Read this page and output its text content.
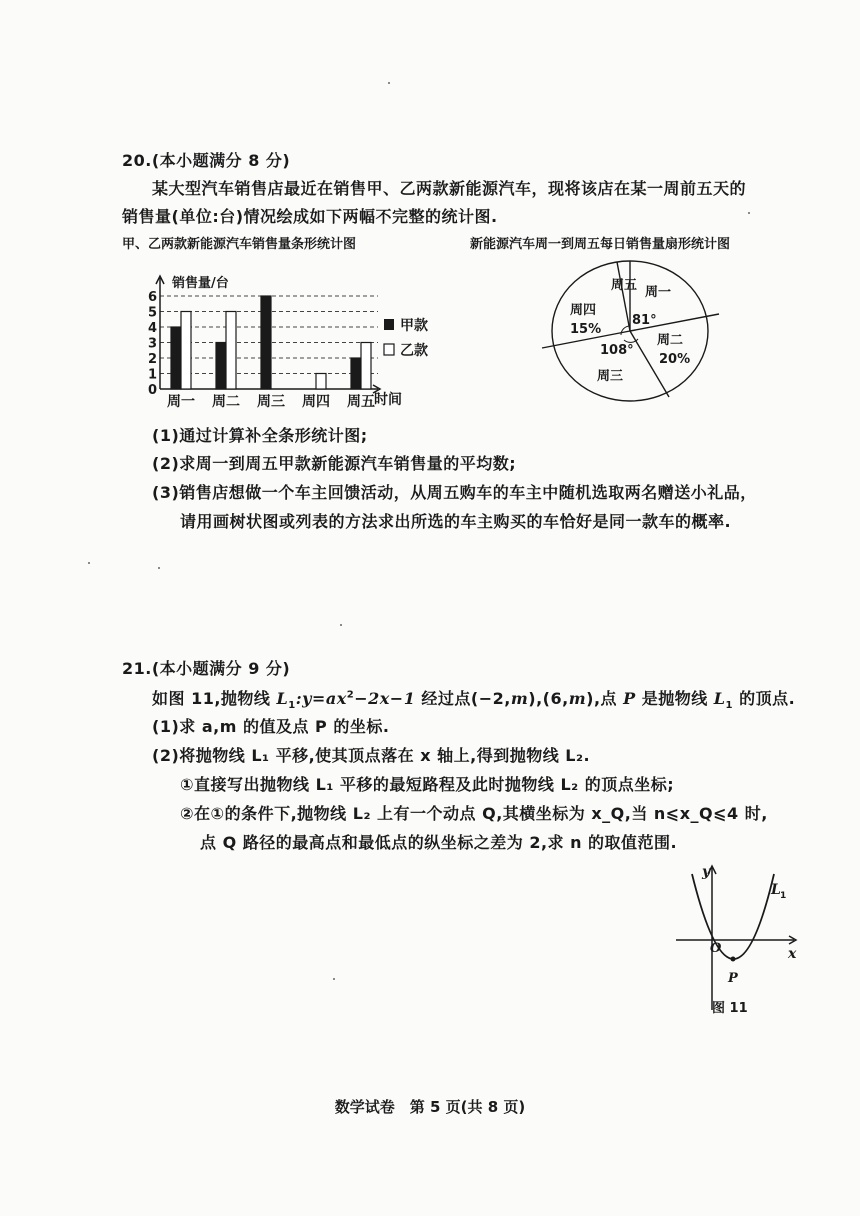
20.(本小题满分 8 分)
某大型汽车销售店最近在销售甲、乙两款新能源汽车，现将该店在某一周前五天的
销售量(单位:台)情况绘成如下两幅不完整的统计图.
甲、乙两款新能源汽车销售量条形统计图	新能源汽车周一到周五每日销售量扇形统计图
0
1
2
3
4
5
6
周一 周二 周三 周四 周五
销售量/台
时间
甲款
乙款
周五 周一
81°
周四
15%
108°
周三
周二
20%
(1)通过计算补全条形统计图;
(2)求周一到周五甲款新能源汽车销售量的平均数;
(3)销售店想做一个车主回馈活动，从周五购车的车主中随机选取两名赠送小礼品，
请用画树状图或列表的方法求出所选的车主购买的车恰好是同一款车的概率.
21.(本小题满分 9 分)
如图 11,抛物线 $L_1:y=ax^2-2x-1$ 经过点(−2,m),(6,m),点 P 是抛物线 $L_1$ 的顶点.
(1)求 a,m 的值及点 P 的坐标.
(2)将抛物线 L₁ 平移,使其顶点落在 x 轴上,得到抛物线 L₂.
①直接写出抛物线 L₁ 平移的最短路程及此时抛物线 L₂ 的顶点坐标;
②在①的条件下,抛物线 L₂ 上有一个动点 Q,其横坐标为 x_Q,当 n⩽x_Q⩽4 时,
点 Q 路径的最高点和最低点的纵坐标之差为 2,求 n 的取值范围.
y
x
O
L 1
P
图 11
数学试卷　第 5 页(共 8 页)
